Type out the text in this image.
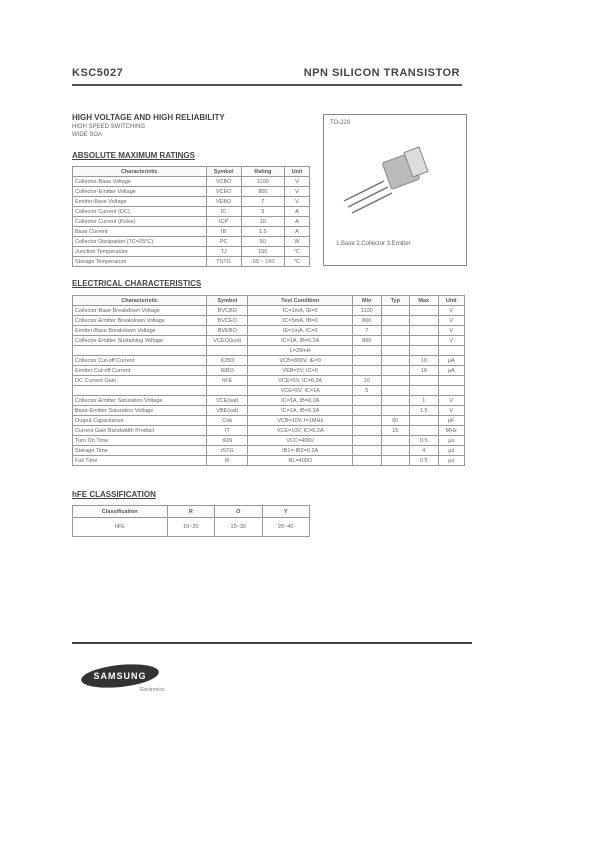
KSC5027	NPN SILICON TRANSISTOR
HIGH VOLTAGE AND HIGH RELIABILITY
HIGH SPEED SWITCHING
WIDE SOA
ABSOLUTE MAXIMUM RATINGS
Characteristic	Symbol	Rating	Unit
Collector-Base Voltage	VCBO	1100	V
Collector-Emitter Voltage	VCEO	800	V
Emitter-Base Voltage	VEBO	7	V
Collector Current (DC)	IC	3	A
Collector Current (Pulse)	ICP	10	A
Base Current	IB	1.5	A
Collector Dissipation (TC=25°C)	PC	50	W
Junction Temperature	TJ	150	°C
Storage Temperature	TSTG	-55 ~ 150	°C
TO-220
1.Base 2.Collector 3.Emitter
ELECTRICAL CHARACTERISTICS
Characteristic	Symbol	Test Condition	Min	Typ	Max	Unit
Collector-Base Breakdown Voltage	BVCBO	IC=1mA, IE=0	1100			V
Collector-Emitter Breakdown Voltage	BVCEO	IC=5mA, IB=0	800			V
Emitter-Base Breakdown Voltage	BVEBO	IE=1mA, IC=0	7			V
Collector-Emitter Sustaining Voltage	VCEO(sus)	IC=1A, IB=0.2A	800			V
		L=25mH				
Collector Cut-off Current	ICBO	VCB=800V, IE=0			10	μA
Emitter Cut-off Current	IEBO	VEB=5V, IC=0			10	μA
DC Current Gain	hFE	VCE=5V, IC=0.2A	10			
		VCE=5V, IC=1A	5			
Collector-Emitter Saturation Voltage	VCE(sat)	IC=1A, IB=0.2A			1	V
Base-Emitter Saturation Voltage	VBE(sat)	IC=1A, IB=0.2A			1.5	V
Output Capacitance	Cob	VCB=10V, f=1MHz		60		pF
Current Gain Bandwidth Product	fT	VCE=10V, IC=0.2A		15		MHz
Turn On Time	tON	VCC=400V			0.5	μs
Storage Time	tSTG	IB1=-IB2=0.2A			4	μs
Fall Time	tF	RL=400Ω			0.5	μs
hFE CLASSIFICATION
Classification	R	O	Y
hFE	10~20	15~30	20~40
SAMSUNG
Electronics
